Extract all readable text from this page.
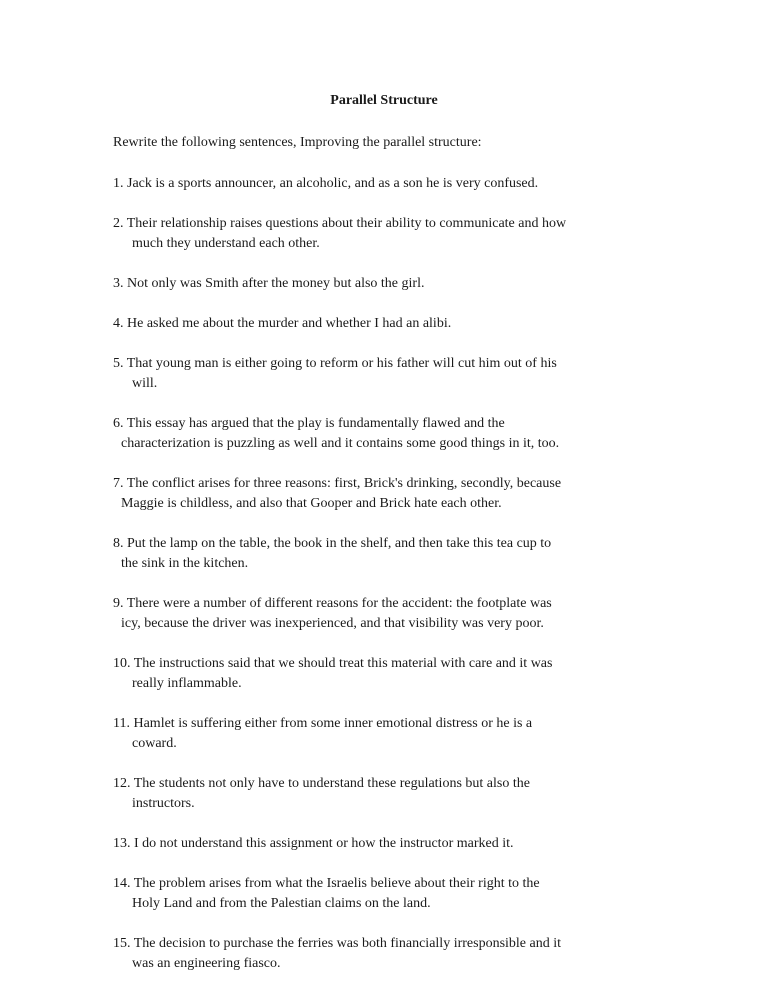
Parallel Structure
Rewrite the following sentences, Improving the parallel structure:
1. Jack is a sports announcer, an alcoholic, and as a son he is very confused.
2. Their relationship raises questions about their ability to communicate and how
much they understand each other.
3. Not only was Smith after the money but also the girl.
4. He asked me about the murder and whether I had an alibi.
5. That young man is either going to reform or his father will cut him out of his
will.
6. This essay has argued that the play is fundamentally flawed and the
characterization is puzzling as well and it contains some good things in it, too.
7. The conflict arises for three reasons: first, Brick's drinking, secondly, because
Maggie is childless, and also that Gooper and Brick hate each other.
8. Put the lamp on the table, the book in the shelf, and then take this tea cup to
the sink in the kitchen.
9. There were a number of different reasons for the accident: the footplate was
icy, because the driver was inexperienced, and that visibility was very poor.
10. The instructions said that we should treat this material with care and it was
really inflammable.
11. Hamlet is suffering either from some inner emotional distress or he is a
coward.
12. The students not only have to understand these regulations but also the
instructors.
13. I do not understand this assignment or how the instructor marked it.
14. The problem arises from what the Israelis believe about their right to the
Holy Land and from the Palestian claims on the land.
15. The decision to purchase the ferries was both financially irresponsible and it
was an engineering fiasco.
